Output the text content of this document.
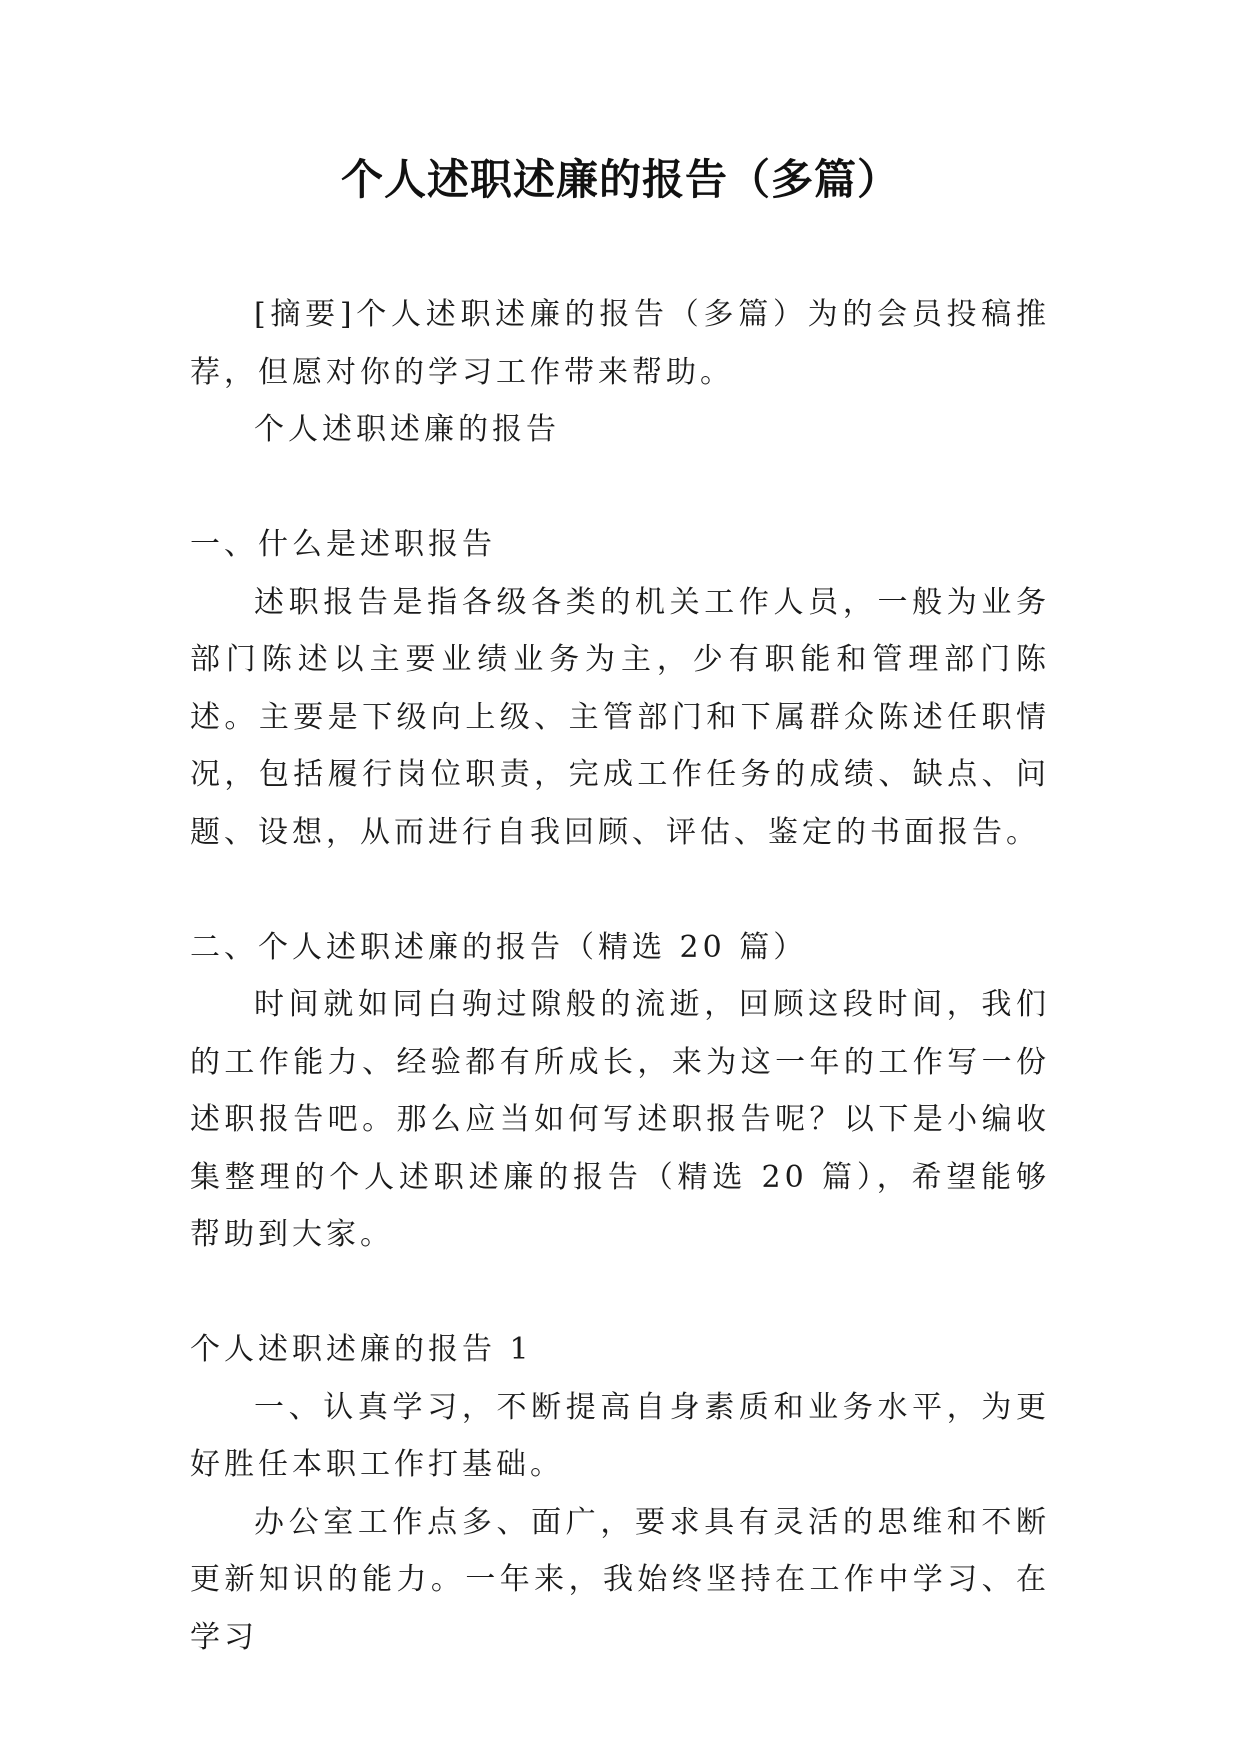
个人述职述廉的报告（多篇）

[摘要]个人述职述廉的报告（多篇）为的会员投稿推荐，但愿对你的学习工作带来帮助。

个人述职述廉的报告

一、什么是述职报告

述职报告是指各级各类的机关工作人员，一般为业务部门陈述以主要业绩业务为主，少有职能和管理部门陈述。主要是下级向上级、主管部门和下属群众陈述任职情况，包括履行岗位职责，完成工作任务的成绩、缺点、问题、设想，从而进行自我回顾、评估、鉴定的书面报告。

二、个人述职述廉的报告（精选 20 篇）

时间就如同白驹过隙般的流逝，回顾这段时间，我们的工作能力、经验都有所成长，来为这一年的工作写一份述职报告吧。那么应当如何写述职报告呢？以下是小编收集整理的个人述职述廉的报告（精选 20 篇），希望能够帮助到大家。

个人述职述廉的报告 1

一、认真学习，不断提高自身素质和业务水平，为更好胜任本职工作打基础。

办公室工作点多、面广，要求具有灵活的思维和不断更新知识的能力。一年来，我始终坚持在工作中学习、在学习
